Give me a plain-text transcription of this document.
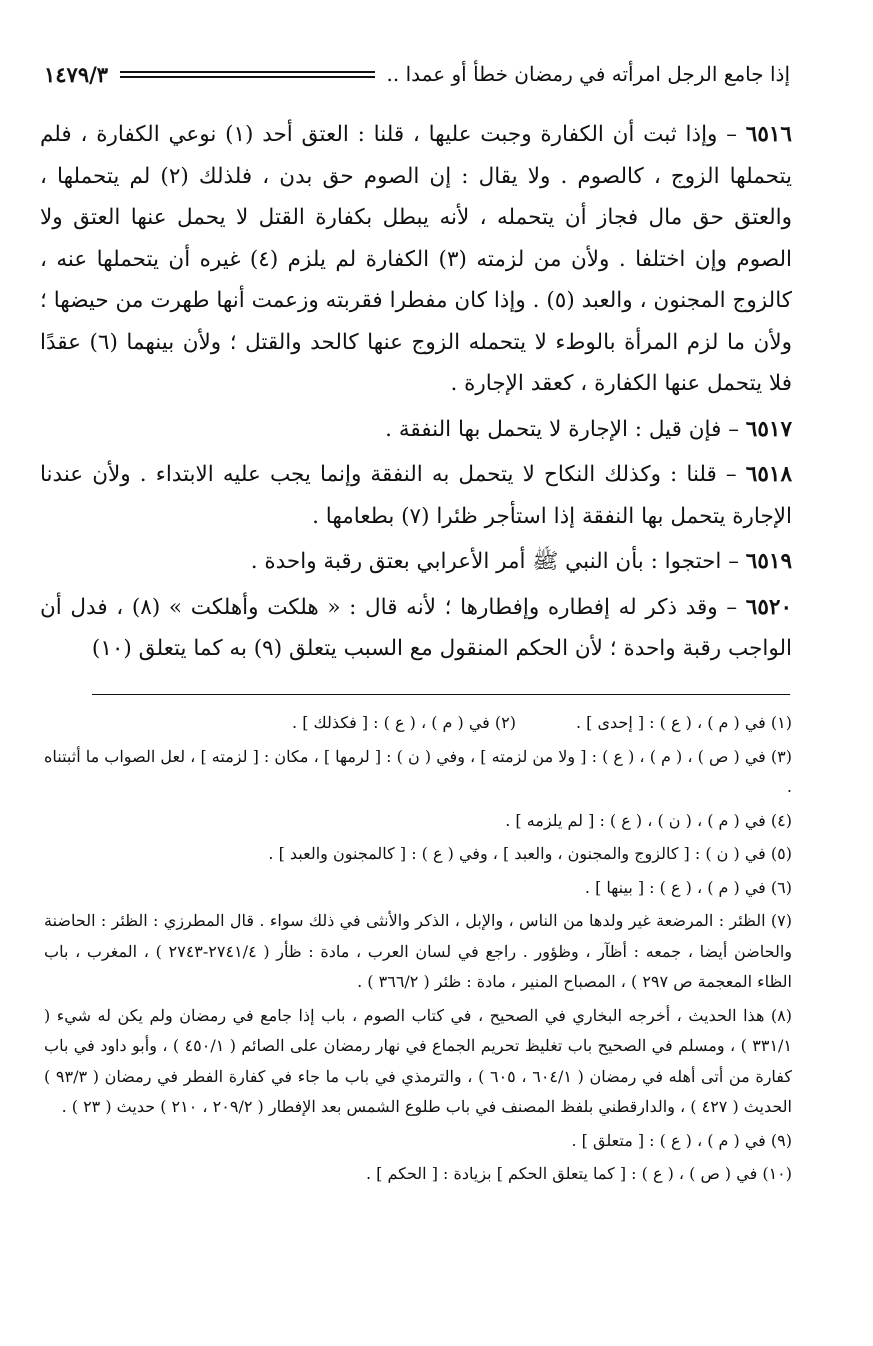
إذا جامع الرجل امرأته في رمضان خطأ أو عمدا ..
١٤٧٩/٣

٦٥١٦ – وإذا ثبت أن الكفارة وجبت عليها ، قلنا : العتق أحد (١) نوعي الكفارة ، فلم يتحملها الزوج ، كالصوم . ولا يقال : إن الصوم حق بدن ، فلذلك (٢) لم يتحملها ، والعتق حق مال فجاز أن يتحمله ، لأنه يبطل بكفارة القتل لا يحمل عنها العتق ولا الصوم وإن اختلفا . ولأن من لزمته (٣) الكفارة لم يلزم (٤) غيره أن يتحملها عنه ، كالزوج المجنون ، والعبد (٥) . وإذا كان مفطرا فقربته وزعمت أنها طهرت من حيضها ؛ ولأن ما لزم المرأة بالوطء لا يتحمله الزوج عنها كالحد والقتل ؛ ولأن بينهما (٦) عقدًا فلا يتحمل عنها الكفارة ، كعقد الإجارة .

٦٥١٧ – فإن قيل : الإجارة لا يتحمل بها النفقة .

٦٥١٨ – قلنا : وكذلك النكاح لا يتحمل به النفقة وإنما يجب عليه الابتداء . ولأن عندنا الإجارة يتحمل بها النفقة إذا استأجر ظئرا (٧) بطعامها .

٦٥١٩ – احتجوا : بأن النبي ﷺ أمر الأعرابي بعتق رقبة واحدة .

٦٥٢٠ – وقد ذكر له إفطاره وإفطارها ؛ لأنه قال : « هلكت وأهلكت » (٨) ، فدل أن الواجب رقبة واحدة ؛ لأن الحكم المنقول مع السبب يتعلق (٩) به كما يتعلق (١٠)

(١) في ( م ) ، ( ع ) : [ إحدى ] .
(٢) في ( م ) ، ( ع ) : [ فكذلك ] .

(٣) في ( ص ) ، ( م ) ، ( ع ) : [ ولا من لزمته ] ، وفي ( ن ) : [ لرمها ] ، مكان : [ لزمته ] ، لعل الصواب ما أثبتناه .

(٤) في ( م ) ، ( ن ) ، ( ع ) : [ لم يلزمه ] .

(٥) في ( ن ) : [ كالزوج والمجنون ، والعبد ] ، وفي ( ع ) : [ كالمجنون والعبد ] .

(٦) في ( م ) ، ( ع ) : [ بينها ] .

(٧) الظئر : المرضعة غير ولدها من الناس ، والإبل ، الذكر والأنثى في ذلك سواء . قال المطرزي : الظئر : الحاضنة والحاضن أيضا ، جمعه : أظآر ، وظؤور . راجع في لسان العرب ، مادة : ظأر ( ٢٧٤١/٤-٢٧٤٣ ) ، المغرب ، باب الظاء المعجمة ص ٢٩٧ ) ، المصباح المنير ، مادة : ظئر ( ٣٦٦/٢ ) .

(٨) هذا الحديث ، أخرجه البخاري في الصحيح ، في كتاب الصوم ، باب إذا جامع في رمضان ولم يكن له شيء ( ٣٣١/١ ) ، ومسلم في الصحيح باب تغليظ تحريم الجماع في نهار رمضان على الصائم ( ٤٥٠/١ ) ، وأبو داود في باب كفارة من أتى أهله في رمضان ( ٦٠٤/١ ، ٦٠٥ ) ، والترمذي في باب ما جاء في كفارة الفطر في رمضان ( ٩٣/٣ ) الحديث ( ٤٢٧ ) ، والدارقطني بلفظ المصنف في باب طلوع الشمس بعد الإفطار ( ٢٠٩/٢ ، ٢١٠ ) حديث ( ٢٣ ) .

(٩) في ( م ) ، ( ع ) : [ متعلق ] .

(١٠) في ( ص ) ، ( ع ) : [ كما يتعلق الحكم ] بزيادة : [ الحكم ] .
